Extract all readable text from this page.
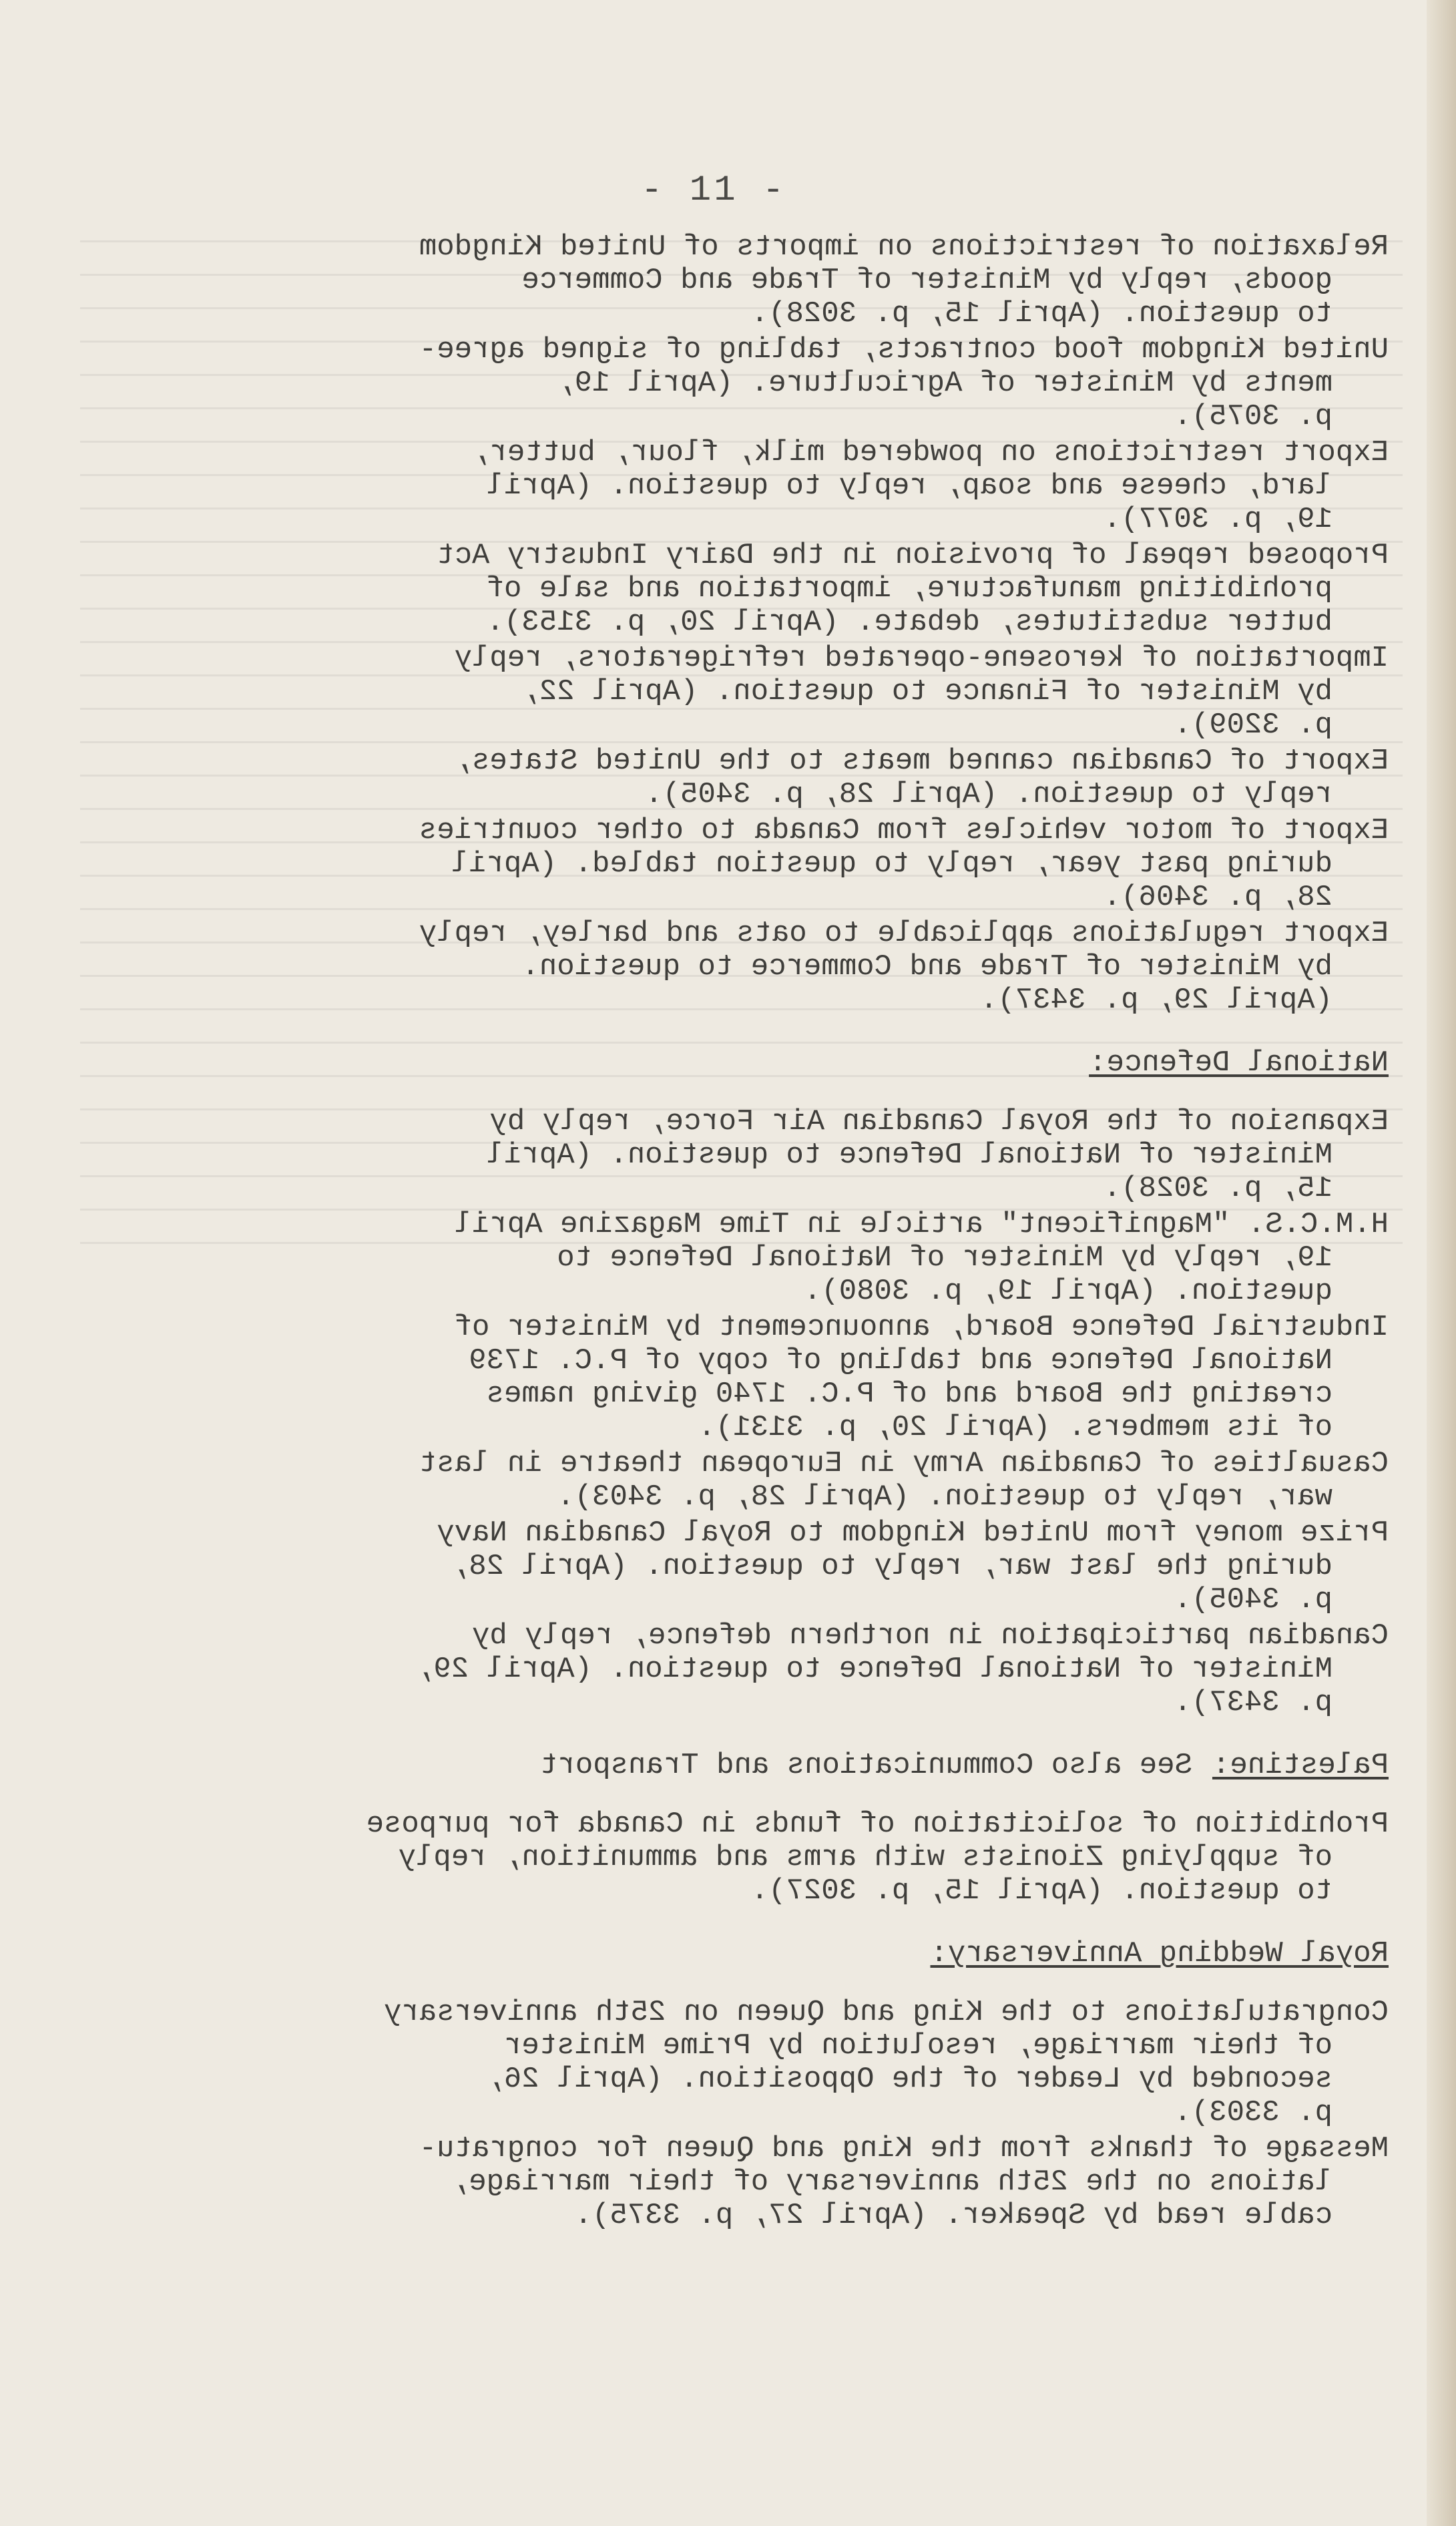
- 11 -
Relaxation of restrictions on imports of United Kingdom
goods, reply by Minister of Trade and Commerce
to question. (April 15, p. 3028).
United Kingdom food contracts, tabling of signed agree-
ments by Minister of Agriculture. (April 19,
p. 3075).
Export restrictions on powdered milk, flour, butter,
lard, cheese and soap, reply to question. (April
19, p. 3077).
Proposed repeal of provision in the Dairy Industry Act
prohibiting manufacture, importation and sale of
butter substitutes, debate. (April 20, p. 3153).
Importation of kerosene-operated refrigerators, reply
by Minister of Finance to question. (April 22,
p. 3209).
Export of Canadian canned meats to the United States,
reply to question. (April 28, p. 3405).
Export of motor vehicles from Canada to other countries
during past year, reply to question tabled. (April
28, p. 3406).
Export regulations applicable to oats and barley, reply
by Minister of Trade and Commerce to question.
(April 29, p. 3437).
National Defence:
Expansion of the Royal Canadian Air Force, reply by
Minister of National Defence to question. (April
15, p. 3028).
H.M.C.S. "Magnificent" article in Time Magazine April
19, reply by Minister of National Defence to
question. (April 19, p. 3080).
Industrial Defence Board, announcement by Minister of
National Defence and tabling of copy of P.C. 1739
creating the Board and of P.C. 1740 giving names
of its members. (April 20, p. 3131).
Casualties of Canadian Army in European theatre in last
war, reply to question. (April 28, p. 3403).
Prize money from United Kingdom to Royal Canadian Navy
during the last war, reply to question. (April 28,
p. 3405).
Canadian participation in northern defence, reply by
Minister of National Defence to question. (April 29,
p. 3437).
Palestine:See also Communications and Transport
Prohibition of solicitation of funds in Canada for purpose
of supplying Zionists with arms and ammunition, reply
to question. (April 15, p. 3027).
Royal Wedding Anniversary:
Congratulations to the King and Queen on 25th anniversary
of their marriage, resolution by Prime Minister
seconded by Leader of the Opposition. (April 26,
p. 3303).
Message of thanks from the King and Queen for congratu-
lations on the 25th anniversary of their marriage,
cable read by Speaker. (April 27, p. 3375).
